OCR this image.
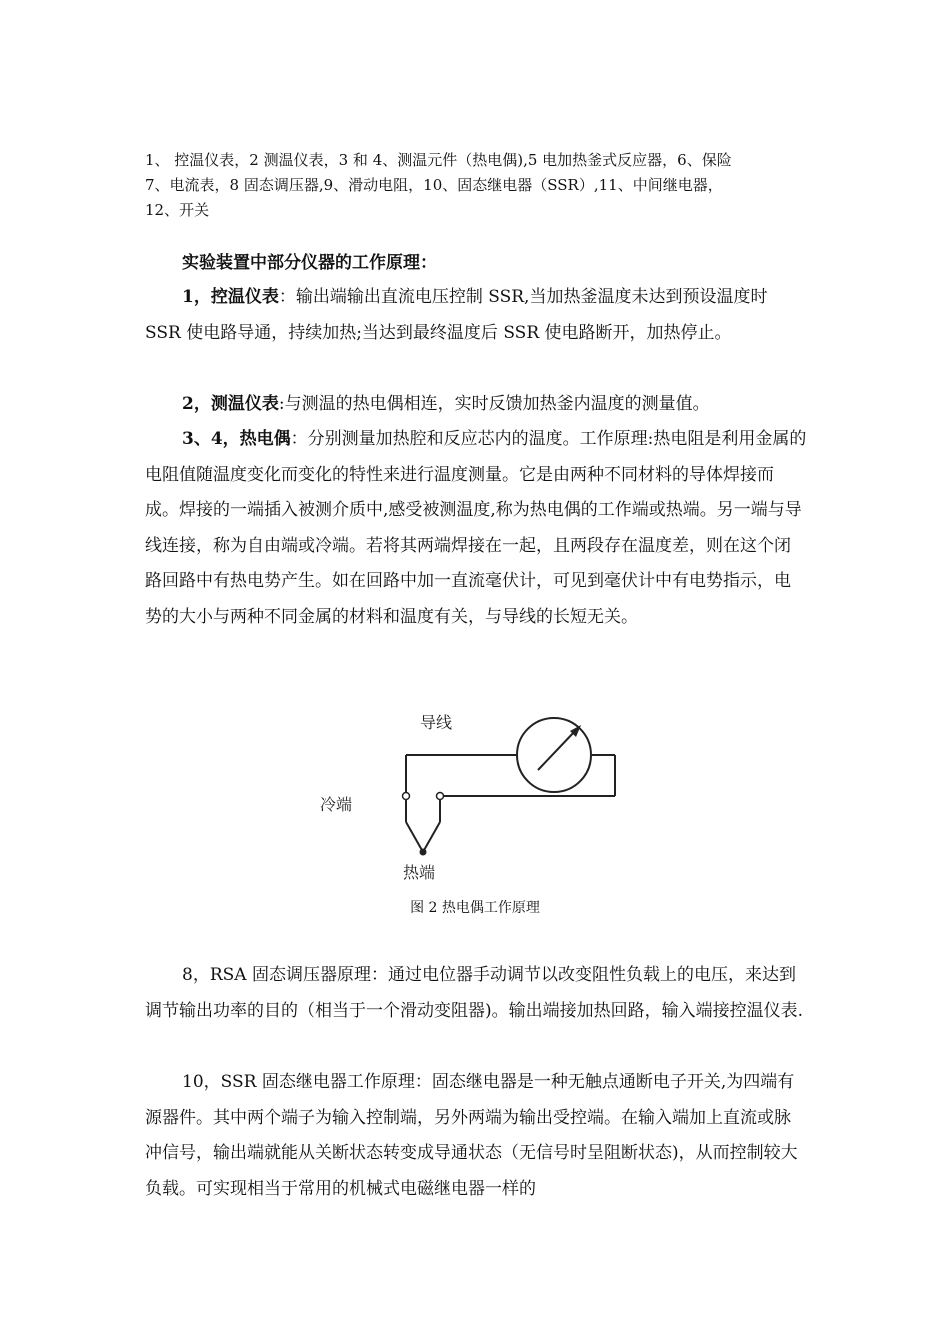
1、 控温仪表，2 测温仪表，3 和 4、测温元件（热电偶),5 电加热釜式反应器，6、保险
7、电流表，8 固态调压器,9、滑动电阻，10、固态继电器（SSR）,11、中间继电器，
12、开关
实验装置中部分仪器的工作原理：
1，控温仪表：输出端输出直流电压控制 SSR,当加热釜温度未达到预设温度时 SSR 使电路导通，持续加热;当达到最终温度后 SSR 使电路断开，加热停止。
2，测温仪表:与测温的热电偶相连，实时反馈加热釜内温度的测量值。
3、4，热电偶：分别测量加热腔和反应芯内的温度。工作原理:热电阻是利用金属的电阻值随温度变化而变化的特性来进行温度测量。它是由两种不同材料的导体焊接而成。焊接的一端插入被测介质中,感受被测温度,称为热电偶的工作端或热端。另一端与导线连接，称为自由端或冷端。若将其两端焊接在一起，且两段存在温度差，则在这个闭路回路中有热电势产生。如在回路中加一直流毫伏计，可见到毫伏计中有电势指示，电势的大小与两种不同金属的材料和温度有关，与导线的长短无关。
导线
冷端
热端
图 2 热电偶工作原理
8，RSA 固态调压器原理：通过电位器手动调节以改变阻性负载上的电压，来达到调节输出功率的目的（相当于一个滑动变阻器)。输出端接加热回路，输入端接控温仪表.
10，SSR 固态继电器工作原理：固态继电器是一种无触点通断电子开关,为四端有源器件。其中两个端子为输入控制端，另外两端为输出受控端。在输入端加上直流或脉冲信号，输出端就能从关断状态转变成导通状态（无信号时呈阻断状态)，从而控制较大负载。可实现相当于常用的机械式电磁继电器一样的
